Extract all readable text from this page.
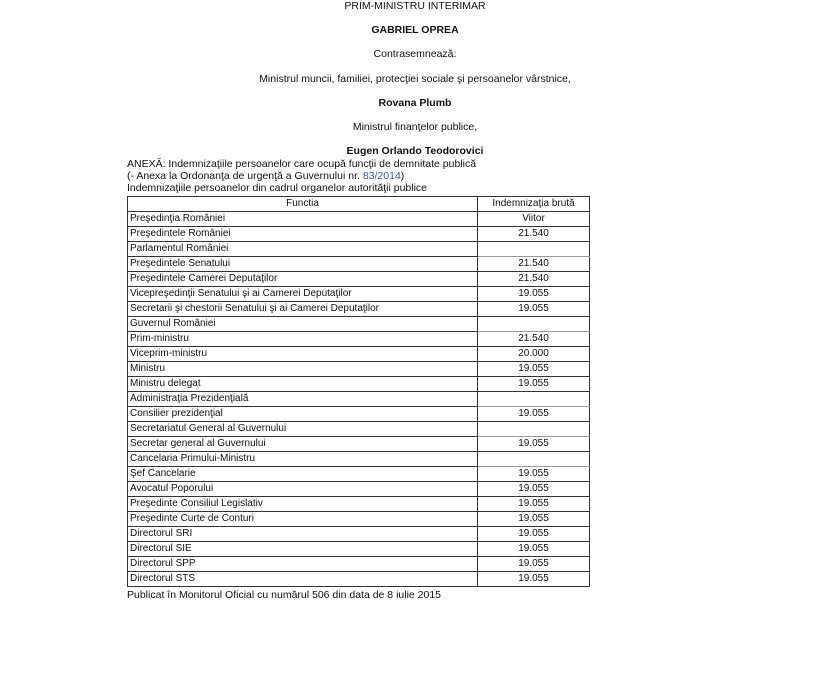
PRIM-MINISTRU INTERIMAR
GABRIEL OPREA
Contrasemnează:
Ministrul muncii, familiei, protecţiei sociale şi persoanelor vârstnice,
Rovana Plumb
Ministrul finanţelor publice,
Eugen Orlando Teodorovici
ANEXĂ: Indemnizaţiile persoanelor care ocupă funcţii de demnitate publică
(- Anexa la Ordonanţa de urgenţă a Guvernului nr. 83/2014)
Indemnizaţiile persoanelor din cadrul organelor autorităţii publice
Functia	Indemnizaţia brută
Preşedinţia României	Viitor
Preşedintele României	21.540
Parlamentul României	
Preşedintele Senatului	21.540
Preşedintele Camerei Deputaţilor	21.540
Vicepreşedinţii Senatului şi ai Camerei Deputaţilor	19.055
Secretarii şi chestorii Senatului şi ai Camerei Deputaţilor	19.055
Guvernul României	
Prim-ministru	21.540
Viceprim-ministru	20.000
Ministru	19.055
Ministru delegat	19.055
Administraţia Prezidenţială	
Consilier prezidenţial	19.055
Secretariatul General al Guvernului	
Secretar general al Guvernului	19.055
Cancelaria Primului-Ministru	
Şef Cancelarie	19.055
Avocatul Poporului	19.055
Preşedinte Consiliul Legislativ	19.055
Preşedinte Curte de Conturi	19.055
Directorul SRI	19.055
Directorul SIE	19.055
Directorul SPP	19.055
Directorul STS	19.055
Publicat în Monitorul Oficial cu numărul 506 din data de 8 iulie 2015
